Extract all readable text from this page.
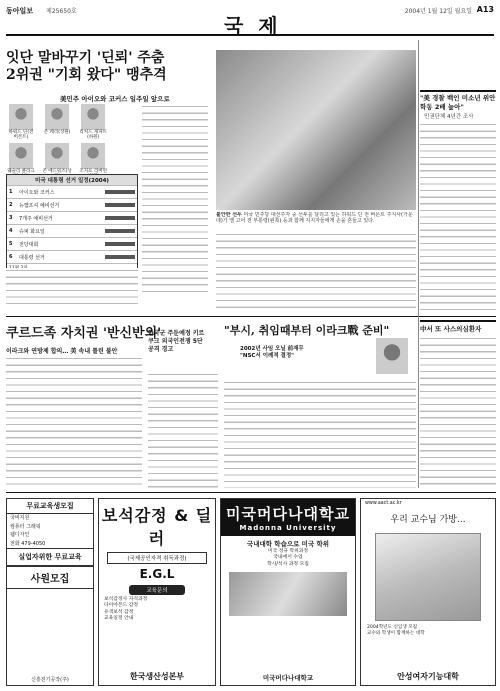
동아일보 제25650호
국 제
2004년 1월 12일 월요일 A13
잇단 말바꾸기 '딘뢰' 주춤
2위권 "기회 왔다" 맹추격
美민주 아이오와 코커스 일주일 앞으로
하워드 딘(전 버몬트)

존 케리(상원)
	리처드 게파트(하원)

웨슬리 클라크
존 에드워즈(상
조지프 리버먼
미국 대통령 선거 일정(2004)
1	아이오와 코커스
2	뉴햄프셔 예비선거
3	7개주 예비선거
4	슈퍼 화요일
5	전당대회
6	대통령 선거
불안한 선두 미국 민주당 대선주자 중 선두를 달리고 있는 하워드 딘 전 버몬트 주지사(가운데)가 앨 고어 전 부통령(왼쪽) 등과 함께 지지자들에게 손을 흔들고 있다.
"美 경찰 백인 미소년 위안 학동 2배 높아"
민권단체 4년간 조사
쿠르드족 자치권 '반신반의'
이라크와 연방제 합의… 美 속내 틀린 불안
한국군 주둔예정 키르쿠크 외국인전쟁 5단 공격 경고
"부시, 취임때부터 이라크戰 준비"
2002년 사임 오닐 前재무
"NSC서 이례적 결정"
中서 또 사스의심환자
무료교육생모집
국비지원
컴퓨터 그래픽
웹디자인
전화 479-4050
실업자위한 무료교육
사원모집
신흥전기공작(주)
보석감정 & 딜러
(국제공인자격 취득과정)
E.G.L
교육문의
보석감정사 자격과정
다이아몬드 감정
유색보석 감정
교육일정 안내
한국생산성본부
미국머다나대학교
Madonna University
국내대학 학습으로 미국 학위
미국 정규 학위과정
국내에서 수업
학사/석사 과정 모집
미국머다나대학교
www.aact.ac.kr
우리 교수님 가방...
2004학년도 신입생 모집
교수와 학생이 함께하는 대학
안성여자기능대학
